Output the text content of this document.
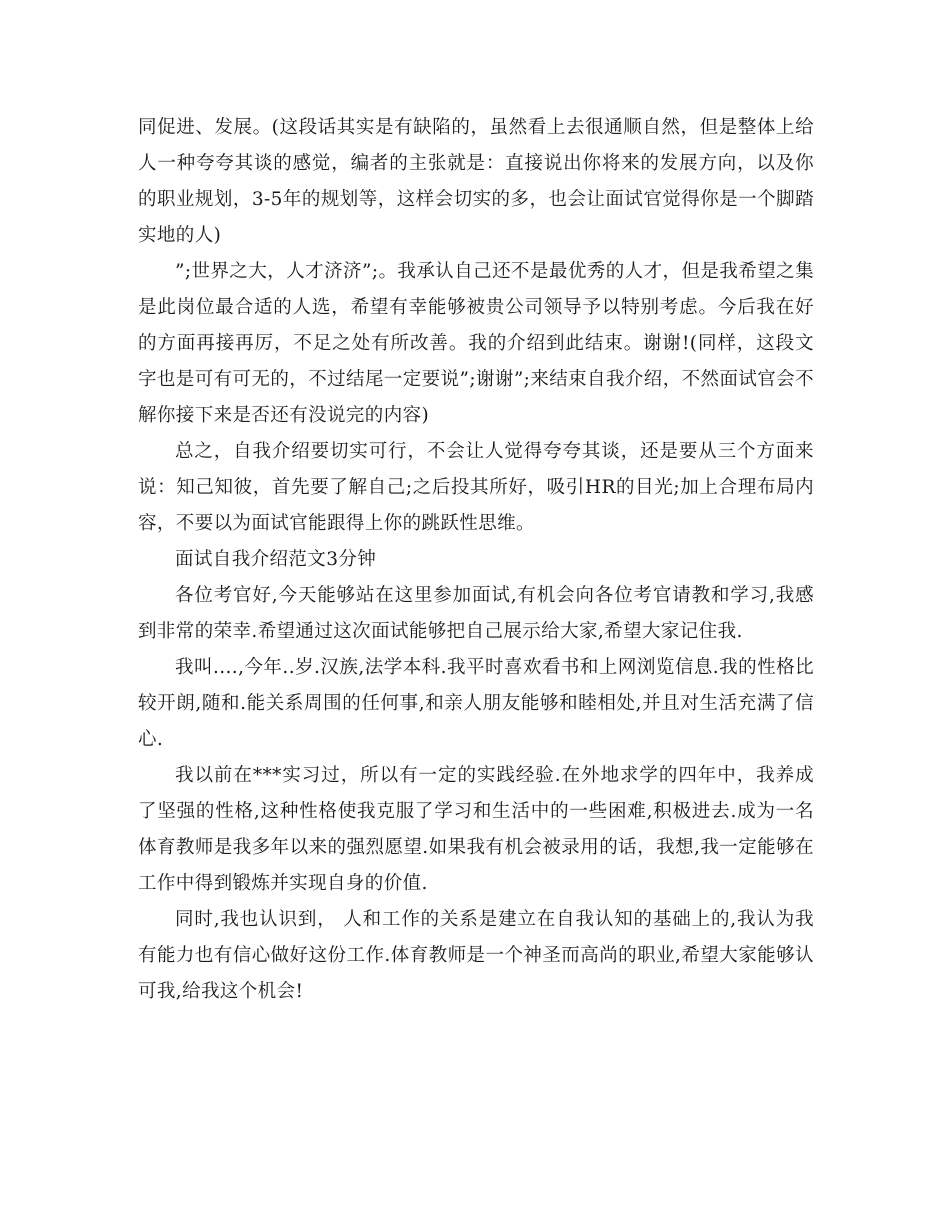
同促进、发展。(这段话其实是有缺陷的，虽然看上去很通顺自然，但是整体上给人一种夸夸其谈的感觉，编者的主张就是：直接说出你将来的发展方向，以及你的职业规划，3-5年的规划等，这样会切实的多，也会让面试官觉得你是一个脚踏实地的人)

”;世界之大，人才济济”;。我承认自己还不是最优秀的人才，但是我希望之集是此岗位最合适的人选，希望有幸能够被贵公司领导予以特别考虑。今后我在好的方面再接再厉，不足之处有所改善。我的介绍到此结束。谢谢!(同样，这段文字也是可有可无的，不过结尾一定要说”;谢谢”;来结束自我介绍，不然面试官会不解你接下来是否还有没说完的内容)

总之，自我介绍要切实可行，不会让人觉得夸夸其谈，还是要从三个方面来说：知己知彼，首先要了解自己;之后投其所好，吸引HR的目光;加上合理布局内容，不要以为面试官能跟得上你的跳跃性思维。

面试自我介绍范文3分钟

各位考官好,今天能够站在这里参加面试,有机会向各位考官请教和学习,我感到非常的荣幸.希望通过这次面试能够把自己展示给大家,希望大家记住我.

我叫....,今年..岁.汉族,法学本科.我平时喜欢看书和上网浏览信息.我的性格比较开朗,随和.能关系周围的任何事,和亲人朋友能够和睦相处,并且对生活充满了信心.

我以前在***实习过，所以有一定的实践经验.在外地求学的四年中，我养成了坚强的性格,这种性格使我克服了学习和生活中的一些困难,积极进去.成为一名体育教师是我多年以来的强烈愿望.如果我有机会被录用的话，我想,我一定能够在工作中得到锻炼并实现自身的价值.

同时,我也认识到， 人和工作的关系是建立在自我认知的基础上的,我认为我有能力也有信心做好这份工作.体育教师是一个神圣而高尚的职业,希望大家能够认可我,给我这个机会!
